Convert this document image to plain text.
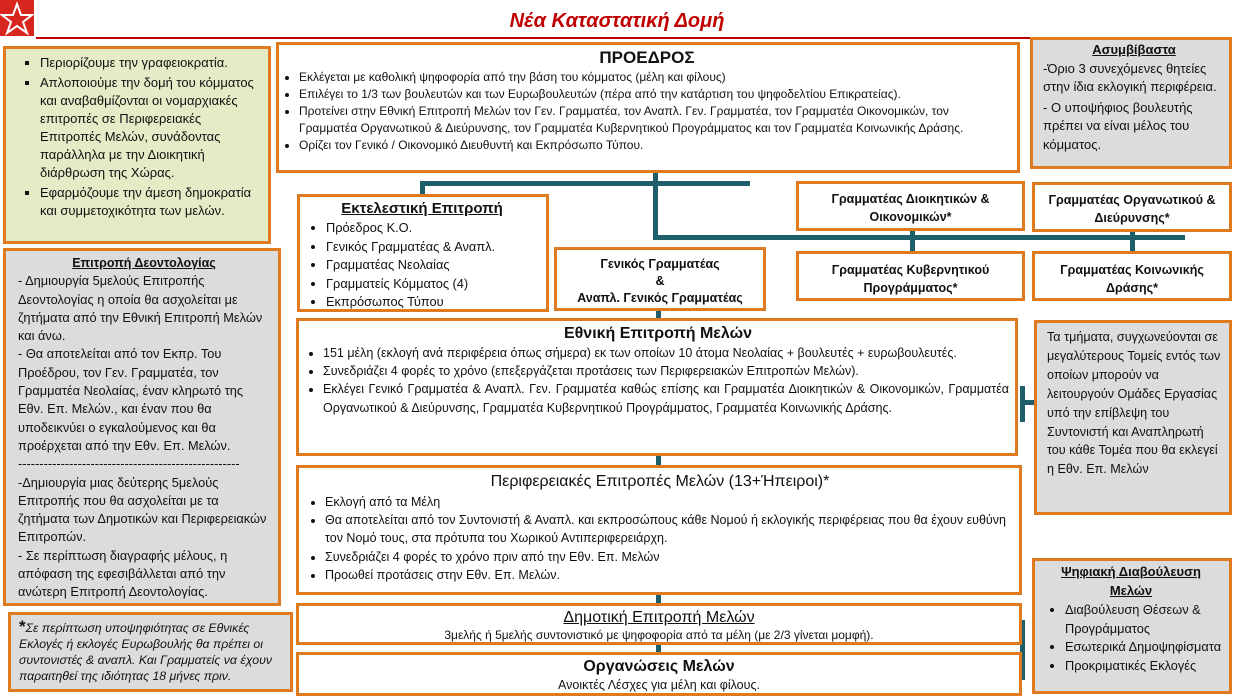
Νέα Καταστατική Δομή
▪ Περιορίζουμε την γραφειοκρατία.
▪ Απλοποιούμε την δομή του κόμματος και αναβαθμίζονται οι νομαρχιακές επιτροπές σε Περιφερειακές Επιτροπές Μελών, συνάδοντας παράλληλα με την Διοικητική διάρθρωση της Χώρας.
▪ Εφαρμόζουμε την άμεση δημοκρατία και συμμετοχικότητα των μελών.
Επιτροπή Δεοντολογίας
- Δημιουργία 5μελούς Επιτροπής Δεοντολογίας η οποία θα ασχολείται με ζητήματα από την Εθνική Επιτροπή Μελών και άνω.
- Θα αποτελείται από τον Εκπρ. Του Προέδρου, τον Γεν. Γραμματέα, τον Γραμματέα Νεολαίας, έναν κληρωτό της Εθν. Επ. Μελών., και έναν που θα υποδεικνύει ο εγκαλούμενος και θα προέρχεται από την Εθν. Επ. Μελών.
----------------------------------------------------
-Δημιουργία μιας δεύτερης 5μελούς Επιτροπής που θα ασχολείται με τα ζητήματα των Δημοτικών και Περιφερειακών Επιτροπών.
- Σε περίπτωση διαγραφής μέλους, η απόφαση της εφεσιβάλλεται από την ανώτερη Επιτροπή Δεοντολογίας.
*Σε περίπτωση υποψηφιότητας σε Εθνικές Εκλογές ή εκλογές Ευρωβουλής θα πρέπει οι συντονιστές & αναπλ. Και Γραμματείς να έχουν παραιτηθεί της ιδιότητας 18 μήνες πριν.
ΠΡΟΕΔΡΟΣ
• Εκλέγεται με καθολική ψηφοφορία από την βάση του κόμματος (μέλη και φίλους)
• Επιλέγει το 1/3 των βουλευτών και των Ευρωβουλευτών (πέρα από την κατάρτιση του ψηφοδελτίου Επικρατείας).
• Προτείνει στην Εθνική Επιτροπή Μελών τον Γεν. Γραμματέα, τον Αναπλ. Γεν. Γραμματέα, τον Γραμματέα Οικονομικών, τον Γραμματέα Οργανωτικού & Διεύρυνσης, τον Γραμματέα Κυβερνητικού Προγράμματος και τον Γραμματέα Κοινωνικής Δράσης.
• Ορίζει τον Γενικό / Οικονομικό Διευθυντή και Εκπρόσωπο Τύπου.
Ασυμβίβαστα
-Όριο 3 συνεχόμενες θητείες στην ίδια εκλογική περιφέρεια.
- Ο υποψήφιος βουλευτής πρέπει να είναι μέλος του κόμματος.
Εκτελεστική Επιτροπή
• Πρόεδρος Κ.Ο.
• Γενικός Γραμματέας & Αναπλ.
• Γραμματέας Νεολαίας
• Γραμματείς Κόμματος (4)
• Εκπρόσωπος Τύπου
Γενικός Γραμματέας
&
Αναπλ. Γενικός Γραμματέας
Γραμματέας Διοικητικών & Οικονομικών*
Γραμματέας Οργανωτικού & Διεύρυνσης*
Γραμματέας Κυβερνητικού Προγράμματος*
Γραμματέας Κοινωνικής Δράσης*
Εθνική Επιτροπή Μελών
• 151 μέλη (εκλογή ανά περιφέρεια όπως σήμερα) εκ των οποίων 10 άτομα Νεολαίας + βουλευτές + ευρωβουλευτές.
• Συνεδριάζει 4 φορές το χρόνο (επεξεργάζεται προτάσεις των Περιφερειακών Επιτροπών Μελών).
• Εκλέγει Γενικό Γραμματέα & Αναπλ. Γεν. Γραμματέα καθώς επίσης και Γραμματέα Διοικητικών & Οικονομικών, Γραμματέα Οργανωτικού & Διεύρυνσης, Γραμματέα Κυβερνητικού Προγράμματος, Γραμματέα Κοινωνικής Δράσης.
Τα τμήματα, συγχωνεύονται σε μεγαλύτερους Τομείς εντός των οποίων μπορούν να λειτουργούν Ομάδες Εργασίας υπό την επίβλεψη του Συντονιστή και Αναπληρωτή του κάθε Τομέα που θα εκλεγεί η Εθν. Επ. Μελών
Περιφερειακές Επιτροπές Μελών (13+Ήπειροι)*
• Εκλογή από τα Μέλη
• Θα αποτελείται από τον Συντονιστή & Αναπλ. και εκπροσώπους κάθε Νομού ή εκλογικής περιφέρειας που θα έχουν ευθύνη τον Νομό τους, στα πρότυπα του Χωρικού Αντιπεριφερειάρχη.
• Συνεδριάζει 4 φορές το χρόνο πριν από την Εθν. Επ. Μελών
• Προωθεί προτάσεις στην Εθν. Επ. Μελών.
Δημοτική Επιτροπή Μελών
3μελής ή 5μελής συντονιστικό με ψηφοφορία από τα μέλη (με 2/3 γίνεται μομφή).
Οργανώσεις Μελών
Ανοικτές Λέσχες για μέλη και φίλους.
Ψηφιακή Διαβούλευση Μελών
• Διαβούλευση Θέσεων & Προγράμματος
• Εσωτερικά Δημοψηφίσματα
• Προκριματικές Εκλογές
